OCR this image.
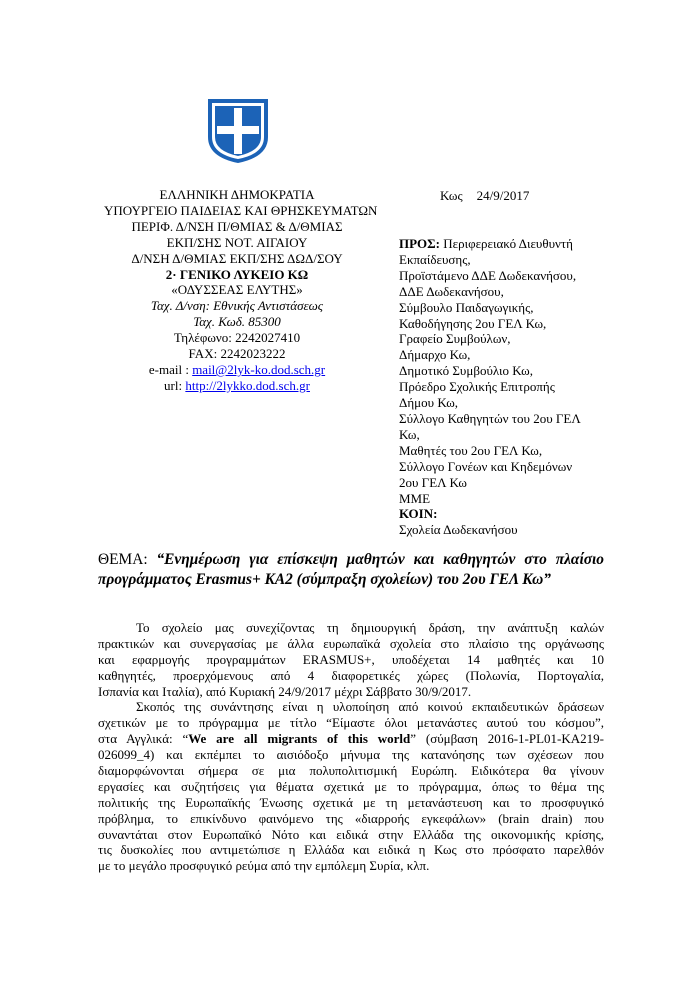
ΕΛΛΗΝΙΚΗ ΔΗΜΟΚΡΑΤΙΑ
ΥΠΟΥΡΓΕΙΟ ΠΑΙΔΕΙΑΣ ΚΑΙ ΘΡΗΣΚΕΥΜΑΤΩΝ
ΠΕΡΙΦ. Δ/ΝΣΗ Π/ΘΜΙΑΣ & Δ/ΘΜΙΑΣ
ΕΚΠ/ΣΗΣ ΝΟΤ. ΑΙΓΑΙΟΥ
Δ/ΝΣΗ Δ/ΘΜΙΑΣ ΕΚΠ/ΣΗΣ ΔΩΔ/ΣΟΥ
2· ΓΕΝΙΚΟ ΛΥΚΕΙΟ ΚΩ
«ΟΔΥΣΣΕΑΣ ΕΛΥΤΗΣ»
Ταχ. Δ/νση: Εθνικής Αντιστάσεως
Ταχ. Κωδ. 85300
Τηλέφωνο: 2242027410
FAX: 2242023222
e-mail : mail@2lyk-ko.dod.sch.gr
url: http://2lykko.dod.sch.gr
Κως 24/9/2017
ΠΡΟΣ: Περιφερειακό Διευθυντή
Εκπαίδευσης,
Προϊστάμενο ΔΔΕ Δωδεκανήσου,
ΔΔΕ Δωδεκανήσου,
Σύμβουλο Παιδαγωγικής,
Καθοδήγησης 2ου ΓΕΛ Κω,
Γραφείο Συμβούλων,
Δήμαρχο Κω,
Δημοτικό Συμβούλιο Κω,
Πρόεδρο Σχολικής Επιτροπής
Δήμου Κω,
Σύλλογο Καθηγητών του 2ου ΓΕΛ
Κω,
Μαθητές του 2ου ΓΕΛ Κω,
Σύλλογο Γονέων και Κηδεμόνων
2ου ΓΕΛ Κω
ΜΜΕ
ΚΟΙΝ:
Σχολεία Δωδεκανήσου
ΘΕΜΑ: “Ενημέρωση για επίσκεψη μαθητών και καθηγητών στο πλαίσιο προγράμματος Erasmus+ ΚΑ2 (σύμπραξη σχολείων) του 2ου ΓΕΛ Κω”
Το σχολείο μας συνεχίζοντας τη δημιουργική δράση, την ανάπτυξη καλών
πρακτικών και συνεργασίας με άλλα ευρωπαϊκά σχολεία στο πλαίσιο της οργάνωσης
και εφαρμογής προγραμμάτων ERASMUS+, υποδέχεται 14 μαθητές και 10
καθηγητές, προερχόμενους από 4 διαφορετικές χώρες (Πολωνία, Πορτογαλία,
Ισπανία και Ιταλία), από Κυριακή 24/9/2017 μέχρι Σάββατο 30/9/2017.
Σκοπός της συνάντησης είναι η υλοποίηση από κοινού εκπαιδευτικών δράσεων
σχετικών με το πρόγραμμα με τίτλο “Είμαστε όλοι μετανάστες αυτού του κόσμου”,
στα Αγγλικά: “We are all migrants of this world” (σύμβαση 2016-1-PL01-KA219-
026099_4) και εκπέμπει το αισιόδοξο μήνυμα της κατανόησης των σχέσεων που
διαμορφώνονται σήμερα σε μια πολυπολιτισμική Ευρώπη. Ειδικότερα θα γίνουν
εργασίες και συζητήσεις για θέματα σχετικά με το πρόγραμμα, όπως το θέμα της
πολιτικής της Ευρωπαϊκής Ένωσης σχετικά με τη μετανάστευση και το προσφυγικό
πρόβλημα, το επικίνδυνο φαινόμενο της «διαρροής εγκεφάλων» (brain drain) που
συναντάται στον Ευρωπαϊκό Νότο και ειδικά στην Ελλάδα της οικονομικής κρίσης,
τις δυσκολίες που αντιμετώπισε η Ελλάδα και ειδικά η Κως στο πρόσφατο παρελθόν
με το μεγάλο προσφυγικό ρεύμα από την εμπόλεμη Συρία, κλπ.
